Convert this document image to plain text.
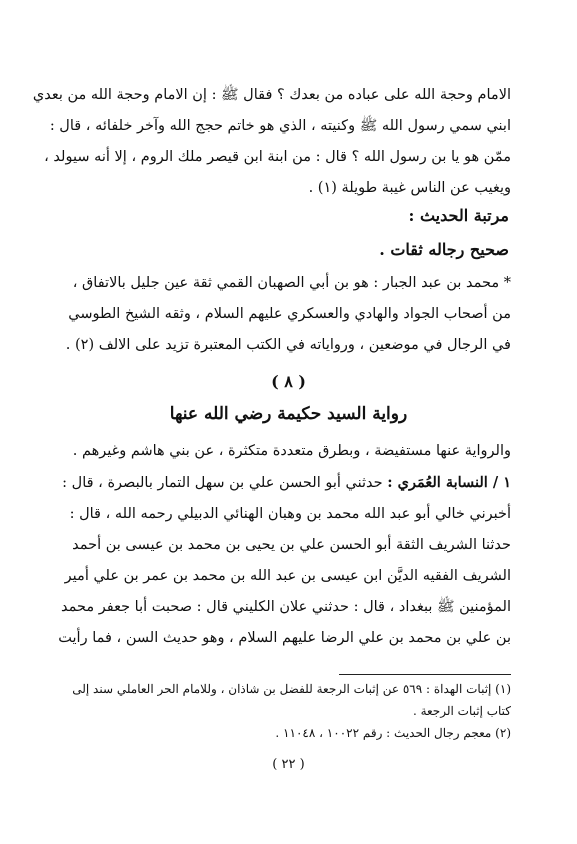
الامام وحجة الله على عباده من بعدك ؟ فقال ﷺ : إن الامام وحجة الله من بعدي
ابني سمي رسول الله ﷺ وكنيته ، الذي هو خاتم حجج الله وآخر خلفائه ، قال :
ممّن هو يا بن رسول الله ؟ قال : من ابنة ابن قيصر ملك الروم ، إلا أنه سيولد ،
ويغيب عن الناس غيبة طويلة (١) .
مرتبة الحديث :
صحيح رجاله ثقات .
* محمد بن عبد الجبار : هو بن أبي الصهبان القمي ثقة عين جليل بالاتفاق ،
من أصحاب الجواد والهادي والعسكري عليهم السلام ، وثقه الشيخ الطوسي
في الرجال في موضعين ، ورواياته في الكتب المعتبرة تزيد على الالف (٢) .
( ٨ )
رواية السيد حكيمة رضي الله عنها
والرواية عنها مستفيضة ، وبطرق متعددة متكثرة ، عن بني هاشم وغيرهم .
١ / النسابة العُمَري : حدثني أبو الحسن علي بن سهل التمار بالبصرة ، قال :
أخبرني خالي أبو عبد الله محمد بن وهبان الهنائي الدبيلي رحمه الله ، قال :
حدثنا الشريف الثقة أبو الحسن علي بن يحيى بن محمد بن عيسى بن أحمد
الشريف الفقيه الديَّن ابن عيسى بن عبد الله بن محمد بن عمر بن علي أمير
المؤمنين ﷺ ببغداد ، قال : حدثني علان الكليني قال : صحبت أبا جعفر محمد
بن علي بن محمد بن علي الرضا عليهم السلام ، وهو حديث السن ، فما رأيت
(١) إثبات الهداة : ٥٦٩ عن إثبات الرجعة للفضل بن شاذان ، وللامام الحر العاملي سند إلى
كتاب إثبات الرجعة .
(٢) معجم رجال الحديث : رقم ١٠٠٢٢ ، ١١٠٤٨ .
( ٢٢ )
